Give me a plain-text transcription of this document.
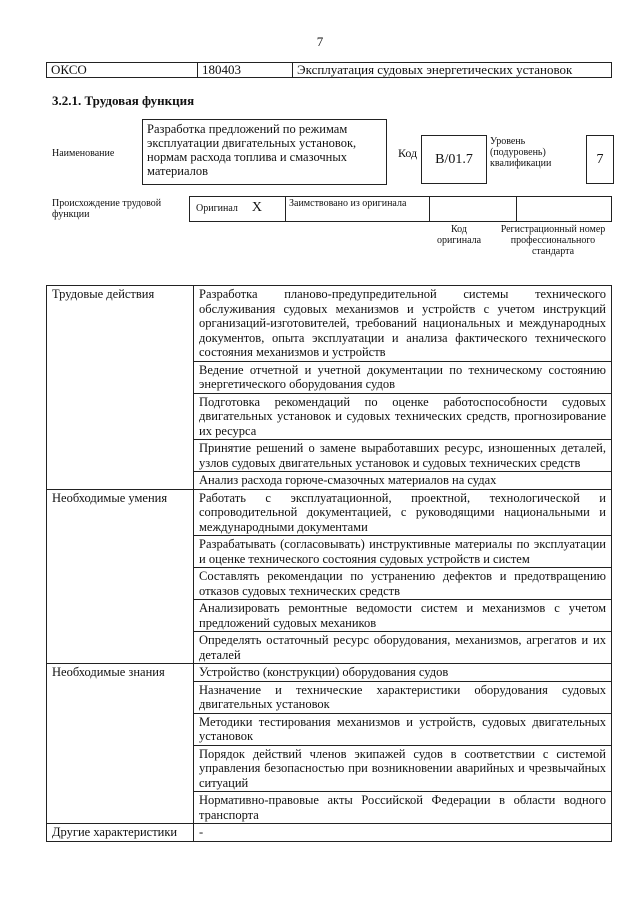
7
ОКСО	180403	Эксплуатация судовых энергетических установок
3.2.1. Трудовая функция
Наименование
Разработка предложений по режимам эксплуатации двигательных установок, нормам расхода топлива и смазочных материалов
Код	B/01.7
Уровень (подуровень) квалификации	7
Происхождение трудовой функции
Оригинал X	Заимствовано из оригинала		
Код оригинала
Регистрационный номер профессионального стандарта
Трудовые действия	Разработка планово-предупредительной системы технического обслуживания судовых механизмов и устройств с учетом инструкций организаций-изготовителей, требований национальных и международных документов, опыта эксплуатации и анализа фактического технического состояния механизмов и устройств
	Ведение отчетной и учетной документации по техническому состоянию энергетического оборудования судов
	Подготовка рекомендаций по оценке работоспособности судовых двигательных установок и судовых технических средств, прогнозирование их ресурса
	Принятие решений о замене выработавших ресурс, изношенных деталей, узлов судовых двигательных установок и судовых технических средств
	Анализ расхода горюче-смазочных материалов на судах
Необходимые умения	Работать с эксплуатационной, проектной, технологической и сопроводительной документацией, с руководящими национальными и международными документами
	Разрабатывать (согласовывать) инструктивные материалы по эксплуатации и оценке технического состояния судовых устройств и систем
	Составлять рекомендации по устранению дефектов и предотвращению отказов судовых технических средств
	Анализировать ремонтные ведомости систем и механизмов с учетом предложений судовых механиков
	Определять остаточный ресурс оборудования, механизмов, агрегатов и их деталей
Необходимые знания	Устройство (конструкции) оборудования судов
	Назначение и технические характеристики оборудования судовых двигательных установок
	Методики тестирования механизмов и устройств, судовых двигательных установок
	Порядок действий членов экипажей судов в соответствии с системой управления безопасностью при возникновении аварийных и чрезвычайных ситуаций
	Нормативно-правовые акты Российской Федерации в области водного транспорта
Другие характеристики	-
